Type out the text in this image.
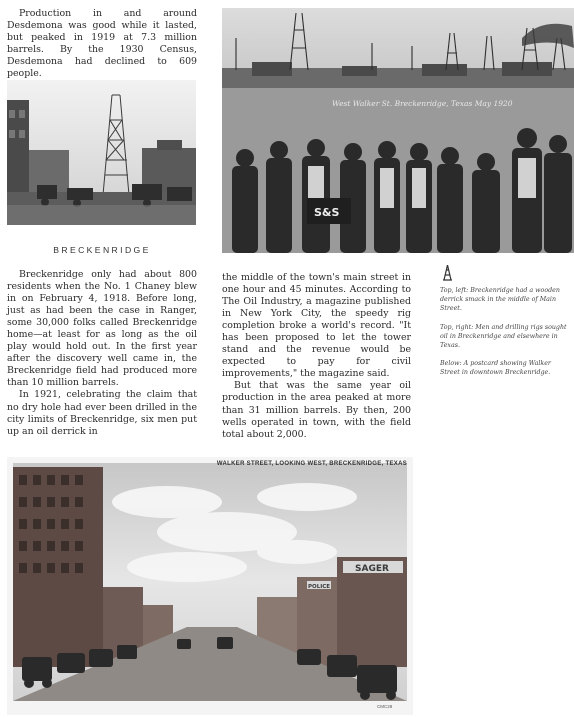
Production in and around Desdemona was good while it lasted, but peaked in 1919 at 7.3 million barrels. By the 1930 Census, Desdemona had declined to 609 people.

West Walker St. Breckenridge, Texas May 1920
S&S
BRECKENRIDGE

Breckenridge only had about 800 residents when the No. 1 Chaney blew in on February 4, 1918. Before long, just as had been the case in Ranger, some 30,000 folks called Breckenridge home—at least for as long as the oil play would hold out. In the first year after the discovery well came in, the Breckenridge field had produced more than 10 million barrels.

In 1921, celebrating the claim that no dry hole had ever been drilled in the city limits of Breckenridge, six men put up an oil derrick in

the middle of the town's main street in one hour and 45 minutes. According to The Oil Industry, a magazine published in New York City, the speedy rig completion broke a world's record. "It has been proposed to let the tower stand and the revenue would be expected to pay for civil improvements," the magazine said.

But that was the same year oil production in the area peaked at more than 31 million barrels. By then, 200 wells operated in town, with the field total about 2,000.

Top, left: Breckenridge had a wooden derrick smack in the middle of Main Street.

Top, right: Men and drilling rigs sought oil in Breckenridge and elsewhere in Texas.

Below: A postcard showing Walker Street in downtown Breckenridge.

SAGER
POLICE
WALKER STREET, LOOKING WEST, BRECKENRIDGE, TEXAS
CMC28
